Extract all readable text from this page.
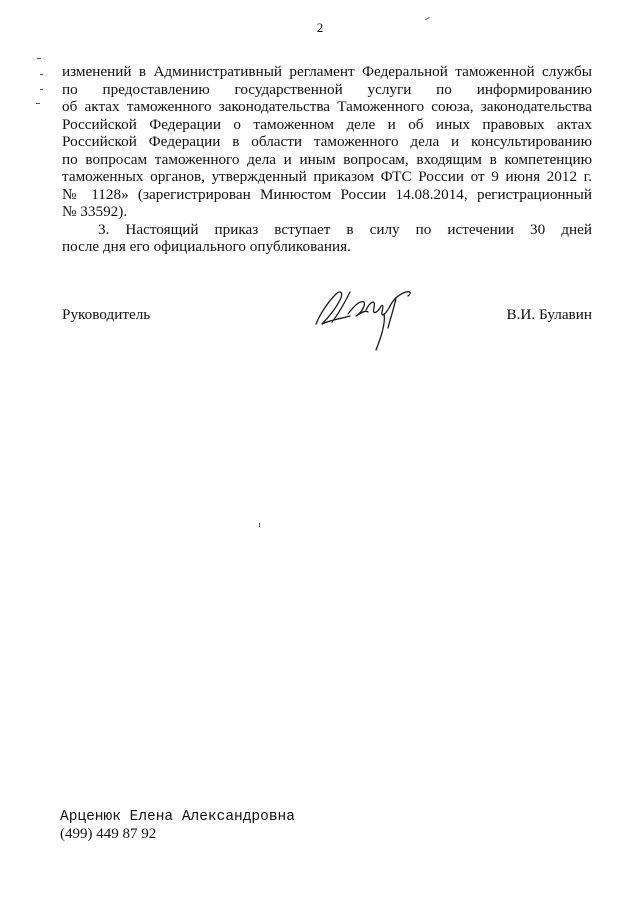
2

изменений в Административный регламент Федеральной таможенной службы
по предоставлению государственной услуги по информированию
об актах таможенного законодательства Таможенного союза, законодательства
Российской Федерации о таможенном деле и об иных правовых актах
Российской Федерации в области таможенного дела и консультированию
по вопросам таможенного дела и иным вопросам, входящим в компетенцию
таможенных органов, утвержденный приказом ФТС России от 9 июня 2012 г.
№ 1128» (зарегистрирован Минюстом России 14.08.2014, регистрационный
№ 33592).

3. Настоящий приказ вступает в силу по истечении 30 дней
после дня его официального опубликования.

Руководитель	В.И. Булавин
Арценюк Елена Александровна
(499) 449 87 92
